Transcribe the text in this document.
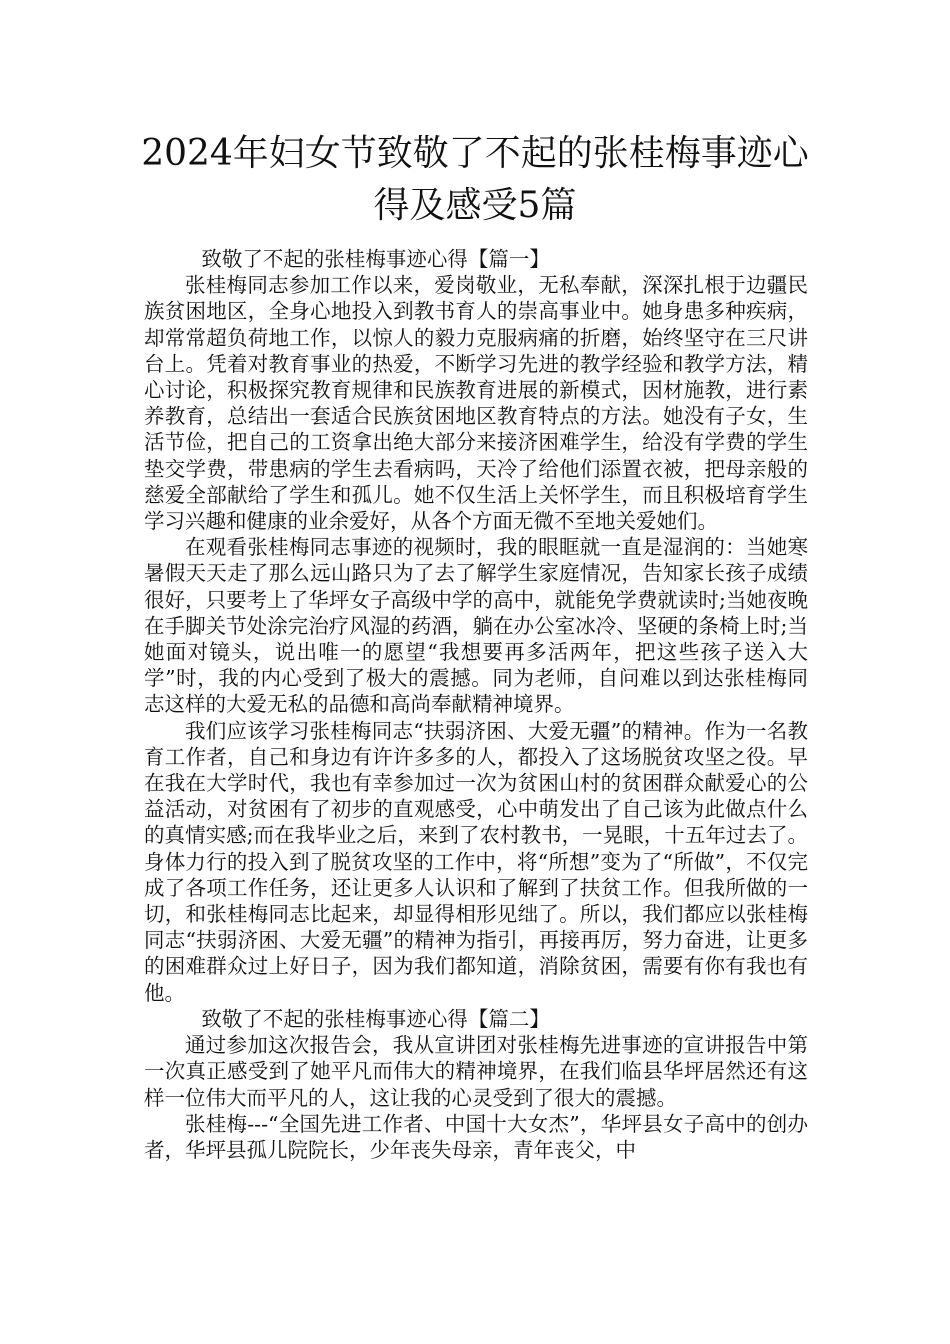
2024年妇女节致敬了不起的张桂梅事迹心得及感受5篇

致敬了不起的张桂梅事迹心得【篇一】

张桂梅同志参加工作以来，爱岗敬业，无私奉献，深深扎根于边疆民族贫困地区，全身心地投入到教书育人的崇高事业中。她身患多种疾病，却常常超负荷地工作，以惊人的毅力克服病痛的折磨，始终坚守在三尺讲台上。凭着对教育事业的热爱，不断学习先进的教学经验和教学方法，精心讨论，积极探究教育规律和民族教育进展的新模式，因材施教，进行素养教育，总结出一套适合民族贫困地区教育特点的方法。她没有子女，生活节俭，把自己的工资拿出绝大部分来接济困难学生，给没有学费的学生垫交学费，带患病的学生去看病吗，天冷了给他们添置衣被，把母亲般的慈爱全部献给了学生和孤儿。她不仅生活上关怀学生，而且积极培育学生学习兴趣和健康的业余爱好，从各个方面无微不至地关爱她们。

在观看张桂梅同志事迹的视频时，我的眼眶就一直是湿润的：当她寒暑假天天走了那么远山路只为了去了解学生家庭情况，告知家长孩子成绩很好，只要考上了华坪女子高级中学的高中，就能免学费就读时;当她夜晚在手脚关节处涂完治疗风湿的药酒，躺在办公室冰冷、坚硬的条椅上时;当她面对镜头，说出唯一的愿望“我想要再多活两年，把这些孩子送入大学”时，我的内心受到了极大的震撼。同为老师，自问难以到达张桂梅同志这样的大爱无私的品德和高尚奉献精神境界。

我们应该学习张桂梅同志“扶弱济困、大爱无疆”的精神。作为一名教育工作者，自己和身边有许许多多的人，都投入了这场脱贫攻坚之役。早在我在大学时代，我也有幸参加过一次为贫困山村的贫困群众献爱心的公益活动，对贫困有了初步的直观感受，心中萌发出了自己该为此做点什么的真情实感;而在我毕业之后，来到了农村教书，一晃眼，十五年过去了。身体力行的投入到了脱贫攻坚的工作中，将“所想”变为了“所做”，不仅完成了各项工作任务，还让更多人认识和了解到了扶贫工作。但我所做的一切，和张桂梅同志比起来，却显得相形见绌了。所以，我们都应以张桂梅同志“扶弱济困、大爱无疆”的精神为指引，再接再厉，努力奋进，让更多的困难群众过上好日子，因为我们都知道，消除贫困，需要有你有我也有他。

致敬了不起的张桂梅事迹心得【篇二】

通过参加这次报告会，我从宣讲团对张桂梅先进事迹的宣讲报告中第一次真正感受到了她平凡而伟大的精神境界，在我们临县华坪居然还有这样一位伟大而平凡的人，这让我的心灵受到了很大的震撼。

张桂梅---“全国先进工作者、中国十大女杰”，华坪县女子高中的创办者，华坪县孤儿院院长，少年丧失母亲，青年丧父，中
